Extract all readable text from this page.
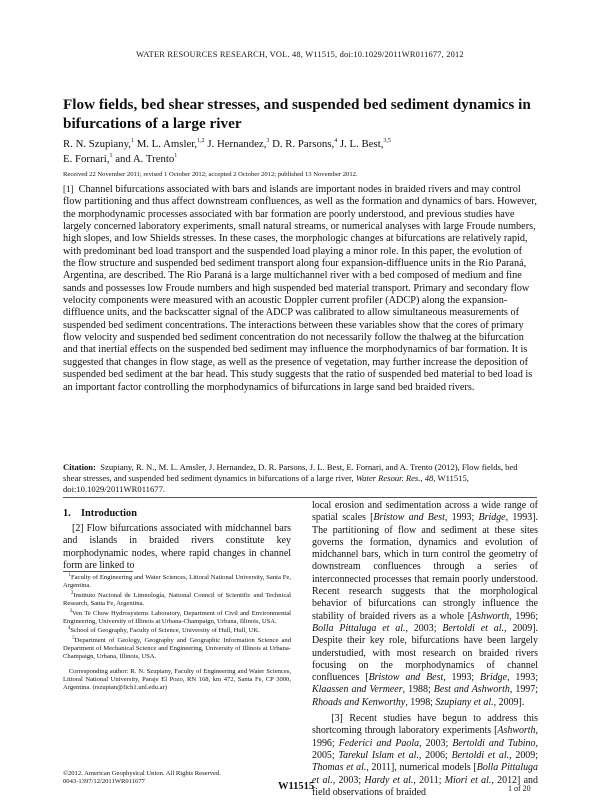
WATER RESOURCES RESEARCH, VOL. 48, W11515, doi:10.1029/2011WR011677, 2012
Flow fields, bed shear stresses, and suspended bed sediment dynamics in bifurcations of a large river
R. N. Szupiany,$^1$ M. L. Amsler,$^{1,2}$ J. Hernandez,$^3$ D. R. Parsons,$^4$ J. L. Best,$^{3,5}$
E. Fornari,$^1$ and A. Trento$^1$
Received 22 November 2011; revised 1 October 2012; accepted 2 October 2012; published 13 November 2012.
[1] Channel bifurcations associated with bars and islands are important nodes in braided rivers and may control flow partitioning and thus affect downstream confluences, as well as the formation and dynamics of bars. However, the morphodynamic processes associated with bar formation are poorly understood, and previous studies have largely concerned laboratory experiments, small natural streams, or numerical analyses with large Froude numbers, high slopes, and low Shields stresses. In these cases, the morphologic changes at bifurcations are relatively rapid, with predominant bed load transport and the suspended load playing a minor role. In this paper, the evolution of the flow structure and suspended bed sediment transport along four expansion-diffluence units in the Rio Paraná, Argentina, are described. The Rio Paraná is a large multichannel river with a bed composed of medium and fine sands and possesses low Froude numbers and high suspended bed material transport. Primary and secondary flow velocity components were measured with an acoustic Doppler current profiler (ADCP) along the expansion-diffluence units, and the backscatter signal of the ADCP was calibrated to allow simultaneous measurements of suspended bed sediment concentrations. The interactions between these variables show that the cores of primary flow velocity and suspended bed sediment concentration do not necessarily follow the thalweg at the bifurcation and that inertial effects on the suspended bed sediment may influence the morphodynamics of bar formation. It is suggested that changes in flow stage, as well as the presence of vegetation, may further increase the deposition of suspended bed sediment at the bar head. This study suggests that the ratio of suspended bed material to bed load is an important factor controlling the morphodynamics of bifurcations in large sand bed braided rivers.
Citation: Szupiany, R. N., M. L. Amsler, J. Hernandez, D. R. Parsons, J. L. Best, E. Fornari, and A. Trento (2012), Flow fields, bed shear stresses, and suspended bed sediment dynamics in bifurcations of a large river, Water Resour. Res., 48, W11515, doi:10.1029/2011WR011677.
1. Introduction

[2] Flow bifurcations associated with midchannel bars and islands in braided rivers constitute key morphodynamic nodes, where rapid changes in channel form are linked to

$^1$Faculty of Engineering and Water Sciences, Littoral National University, Santa Fe, Argentina.

$^2$Instituto Nacional de Limnología, National Council of Scientific and Technical Research, Santa Fe, Argentina.

$^3$Ven Te Chow Hydrosystems Laboratory, Department of Civil and Environmental Engineering, University of Illinois at Urbana-Champaign, Urbana, Illinois, USA.

$^4$School of Geography, Faculty of Science, University of Hull, Hull, UK.

$^5$Department of Geology, Geography and Geographic Information Science and Department of Mechanical Science and Engineering, University of Illinois at Urbana-Champaign, Urbana, Illinois, USA.

Corresponding author: R. N. Szupiany, Faculty of Engineering and Water Sciences, Littoral National University, Paraje El Pozo, RN 168, km 472, Santa Fe, CP 3000, Argentina. (rszupian@fich1.unl.edu.ar)

©2012. American Geophysical Union. All Rights Reserved.
0043-1397/12/2011WR011677

local erosion and sedimentation across a wide range of spatial scales [Bristow and Best, 1993; Bridge, 1993]. The partitioning of flow and sediment at these sites governs the formation, dynamics and evolution of midchannel bars, which in turn control the geometry of downstream confluences through a series of interconnected processes that remain poorly understood. Recent research suggests that the morphological behavior of bifurcations can strongly influence the stability of braided rivers as a whole [Ashworth, 1996; Bolla Pittaluga et al., 2003; Bertoldi et al., 2009]. Despite their key role, bifurcations have been largely understudied, with most research on braided rivers focusing on the morphodynamics of channel confluences [Bristow and Best, 1993; Bridge, 1993; Klaassen and Vermeer, 1988; Best and Ashworth, 1997; Rhoads and Kenworthy, 1998; Szupiany et al., 2009].

[3] Recent studies have begun to address this shortcoming through laboratory experiments [Ashworth, 1996; Federici and Paola, 2003; Bertoldi and Tubino, 2005; Tarekul Islam et al., 2006; Bertoldi et al., 2009; Thomas et al., 2011], numerical models [Bolla Pittaluga et al., 2003; Hardy et al., 2011; Miori et al., 2012] and field observations of braided

W11515	1 of 20
